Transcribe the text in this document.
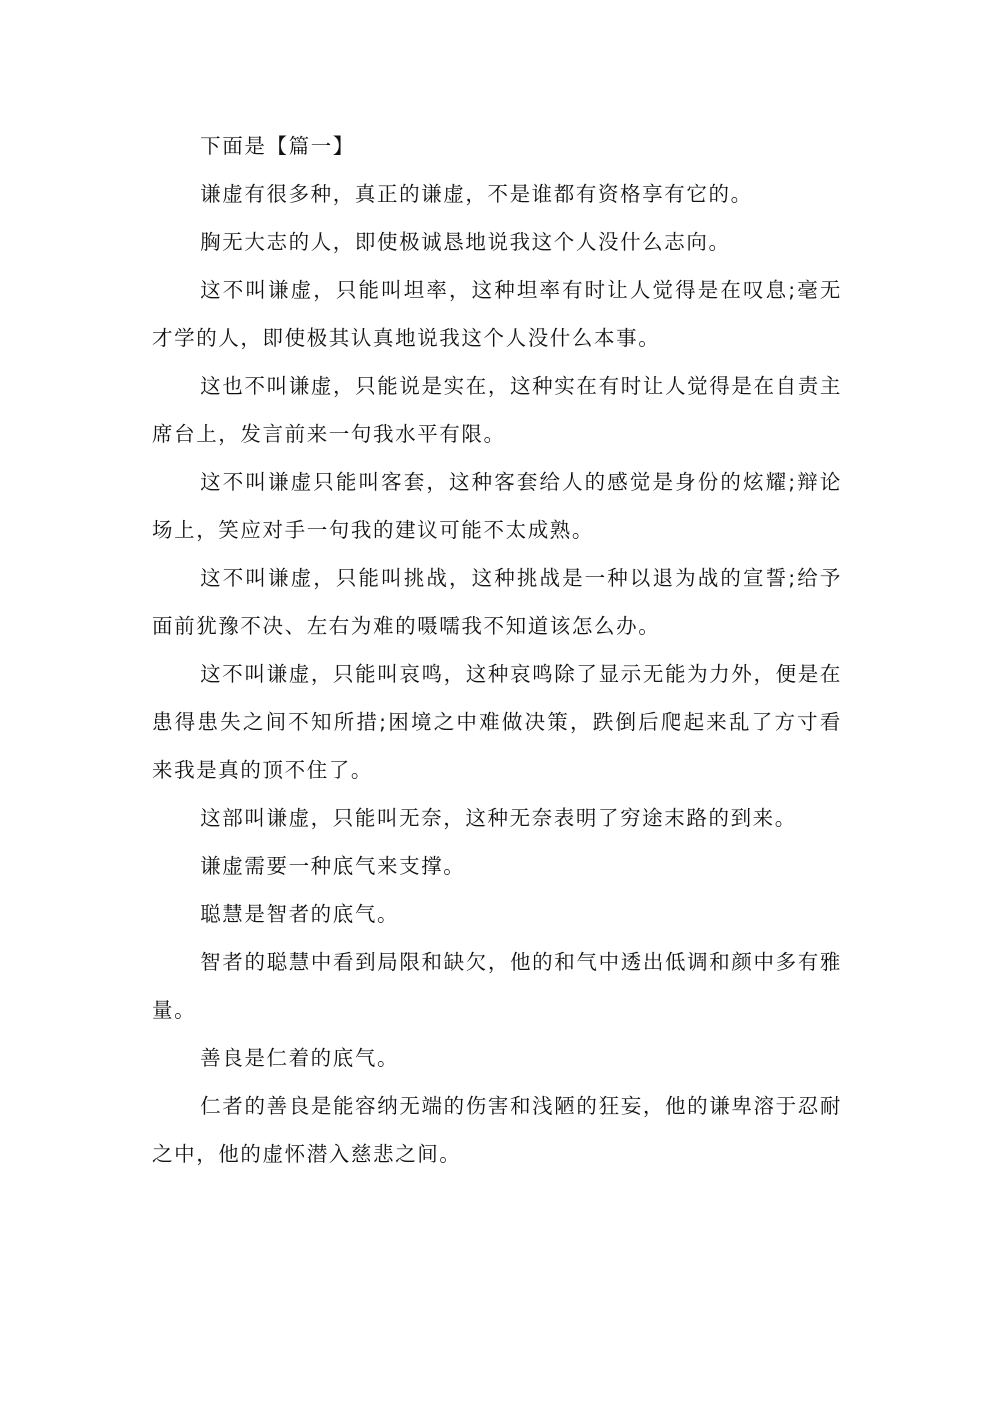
下面是【篇一】

谦虚有很多种，真正的谦虚，不是谁都有资格享有它的。

胸无大志的人，即使极诚恳地说我这个人没什么志向。

这不叫谦虚，只能叫坦率，这种坦率有时让人觉得是在叹息;毫无才学的人，即使极其认真地说我这个人没什么本事。

这也不叫谦虚，只能说是实在，这种实在有时让人觉得是在自责主席台上，发言前来一句我水平有限。

这不叫谦虚只能叫客套，这种客套给人的感觉是身份的炫耀;辩论场上，笑应对手一句我的建议可能不太成熟。

这不叫谦虚，只能叫挑战，这种挑战是一种以退为战的宣誓;给予面前犹豫不决、左右为难的嗫嚅我不知道该怎么办。

这不叫谦虚，只能叫哀鸣，这种哀鸣除了显示无能为力外，便是在患得患失之间不知所措;困境之中难做决策，跌倒后爬起来乱了方寸看来我是真的顶不住了。

这部叫谦虚，只能叫无奈，这种无奈表明了穷途末路的到来。

谦虚需要一种底气来支撑。

聪慧是智者的底气。

智者的聪慧中看到局限和缺欠，他的和气中透出低调和颜中多有雅量。

善良是仁着的底气。

仁者的善良是能容纳无端的伤害和浅陋的狂妄，他的谦卑溶于忍耐之中，他的虚怀潜入慈悲之间。
